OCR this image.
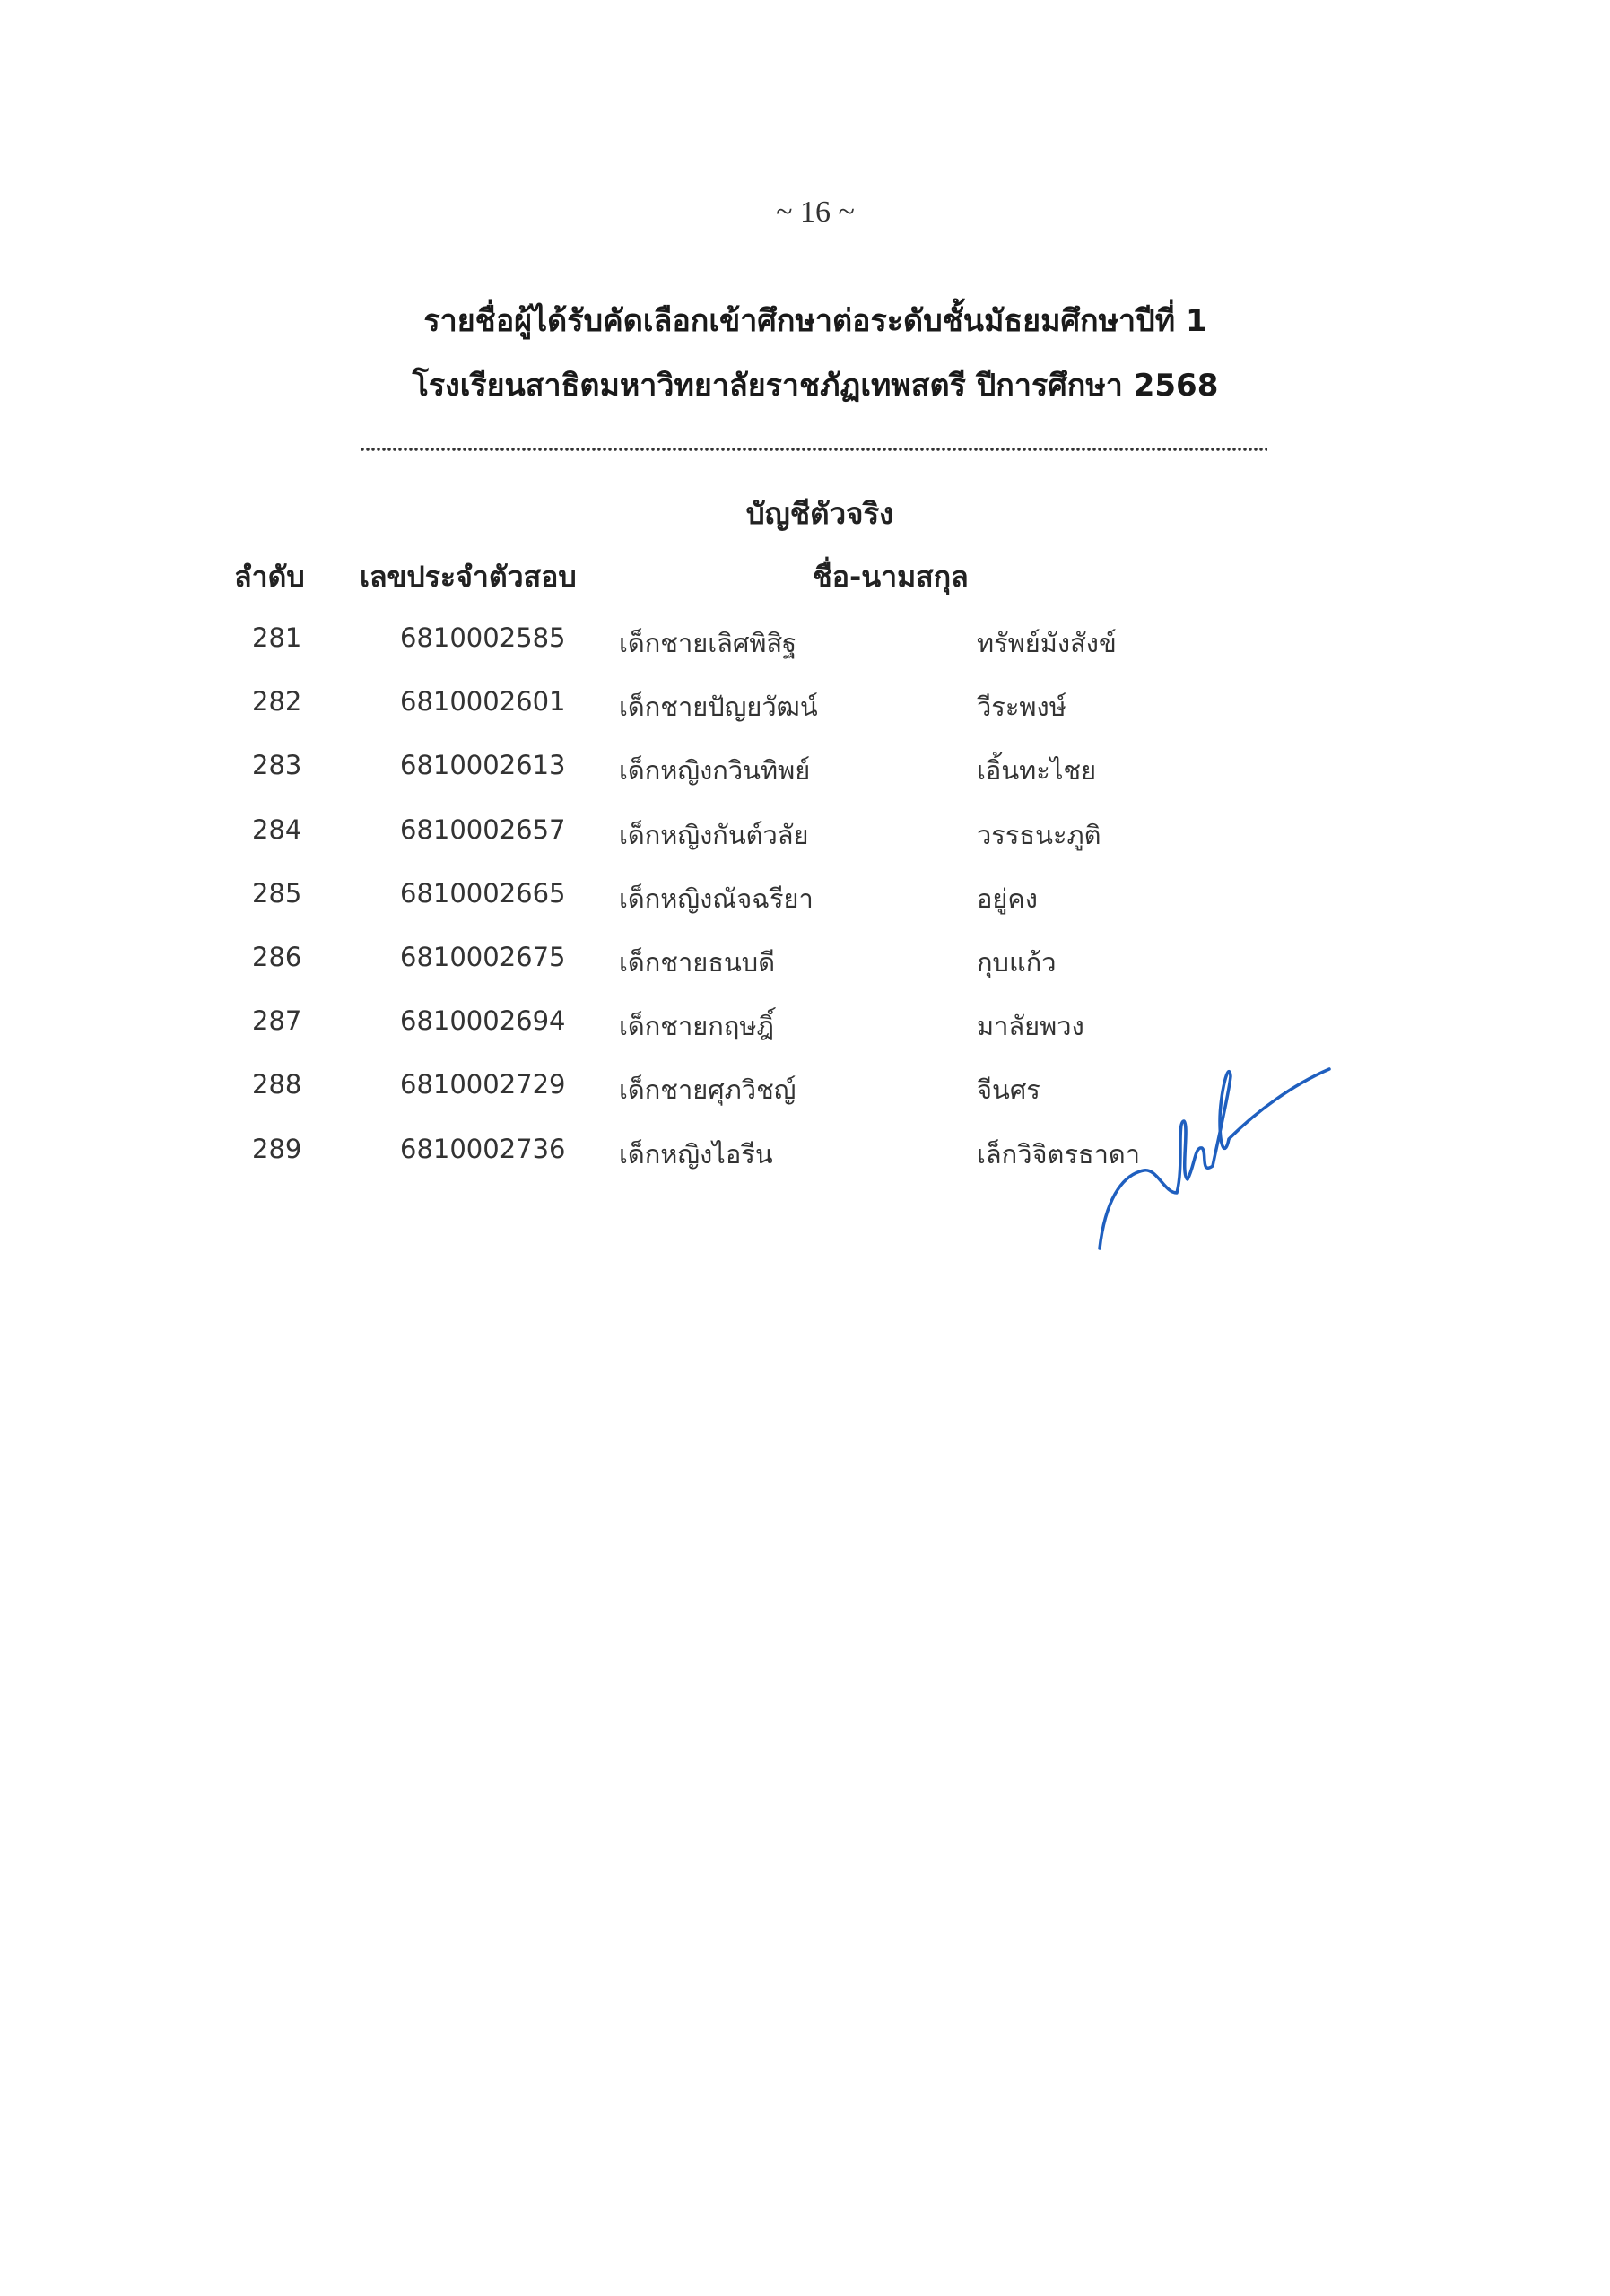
~ 16 ~
รายชื่อผู้ได้รับคัดเลือกเข้าศึกษาต่อระดับชั้นมัธยมศึกษาปีที่ 1
โรงเรียนสาธิตมหาวิทยาลัยราชภัฏเทพสตรี ปีการศึกษา 2568
บัญชีตัวจริง
ลำดับ เลขประจำตัวสอบ	ชื่อ-นามสกุล
281	6810002585 เด็กชายเลิศพิสิฐ	ทรัพย์มังสังข์
282	6810002601 เด็กชายปัญยวัฒน์	วีระพงษ์
283	6810002613 เด็กหญิงกวินทิพย์	เอิ้นทะไชย
284	6810002657 เด็กหญิงกันต์วลัย	วรรธนะภูติ
285	6810002665 เด็กหญิงณัจฉรียา	อยู่คง
286	6810002675 เด็กชายธนบดี	กุบแก้ว
287	6810002694 เด็กชายกฤษฎิ์	มาลัยพวง
288	6810002729 เด็กชายศุภวิชญ์	จีนศร
289	6810002736 เด็กหญิงไอรีน	เล็กวิจิตรธาดา
